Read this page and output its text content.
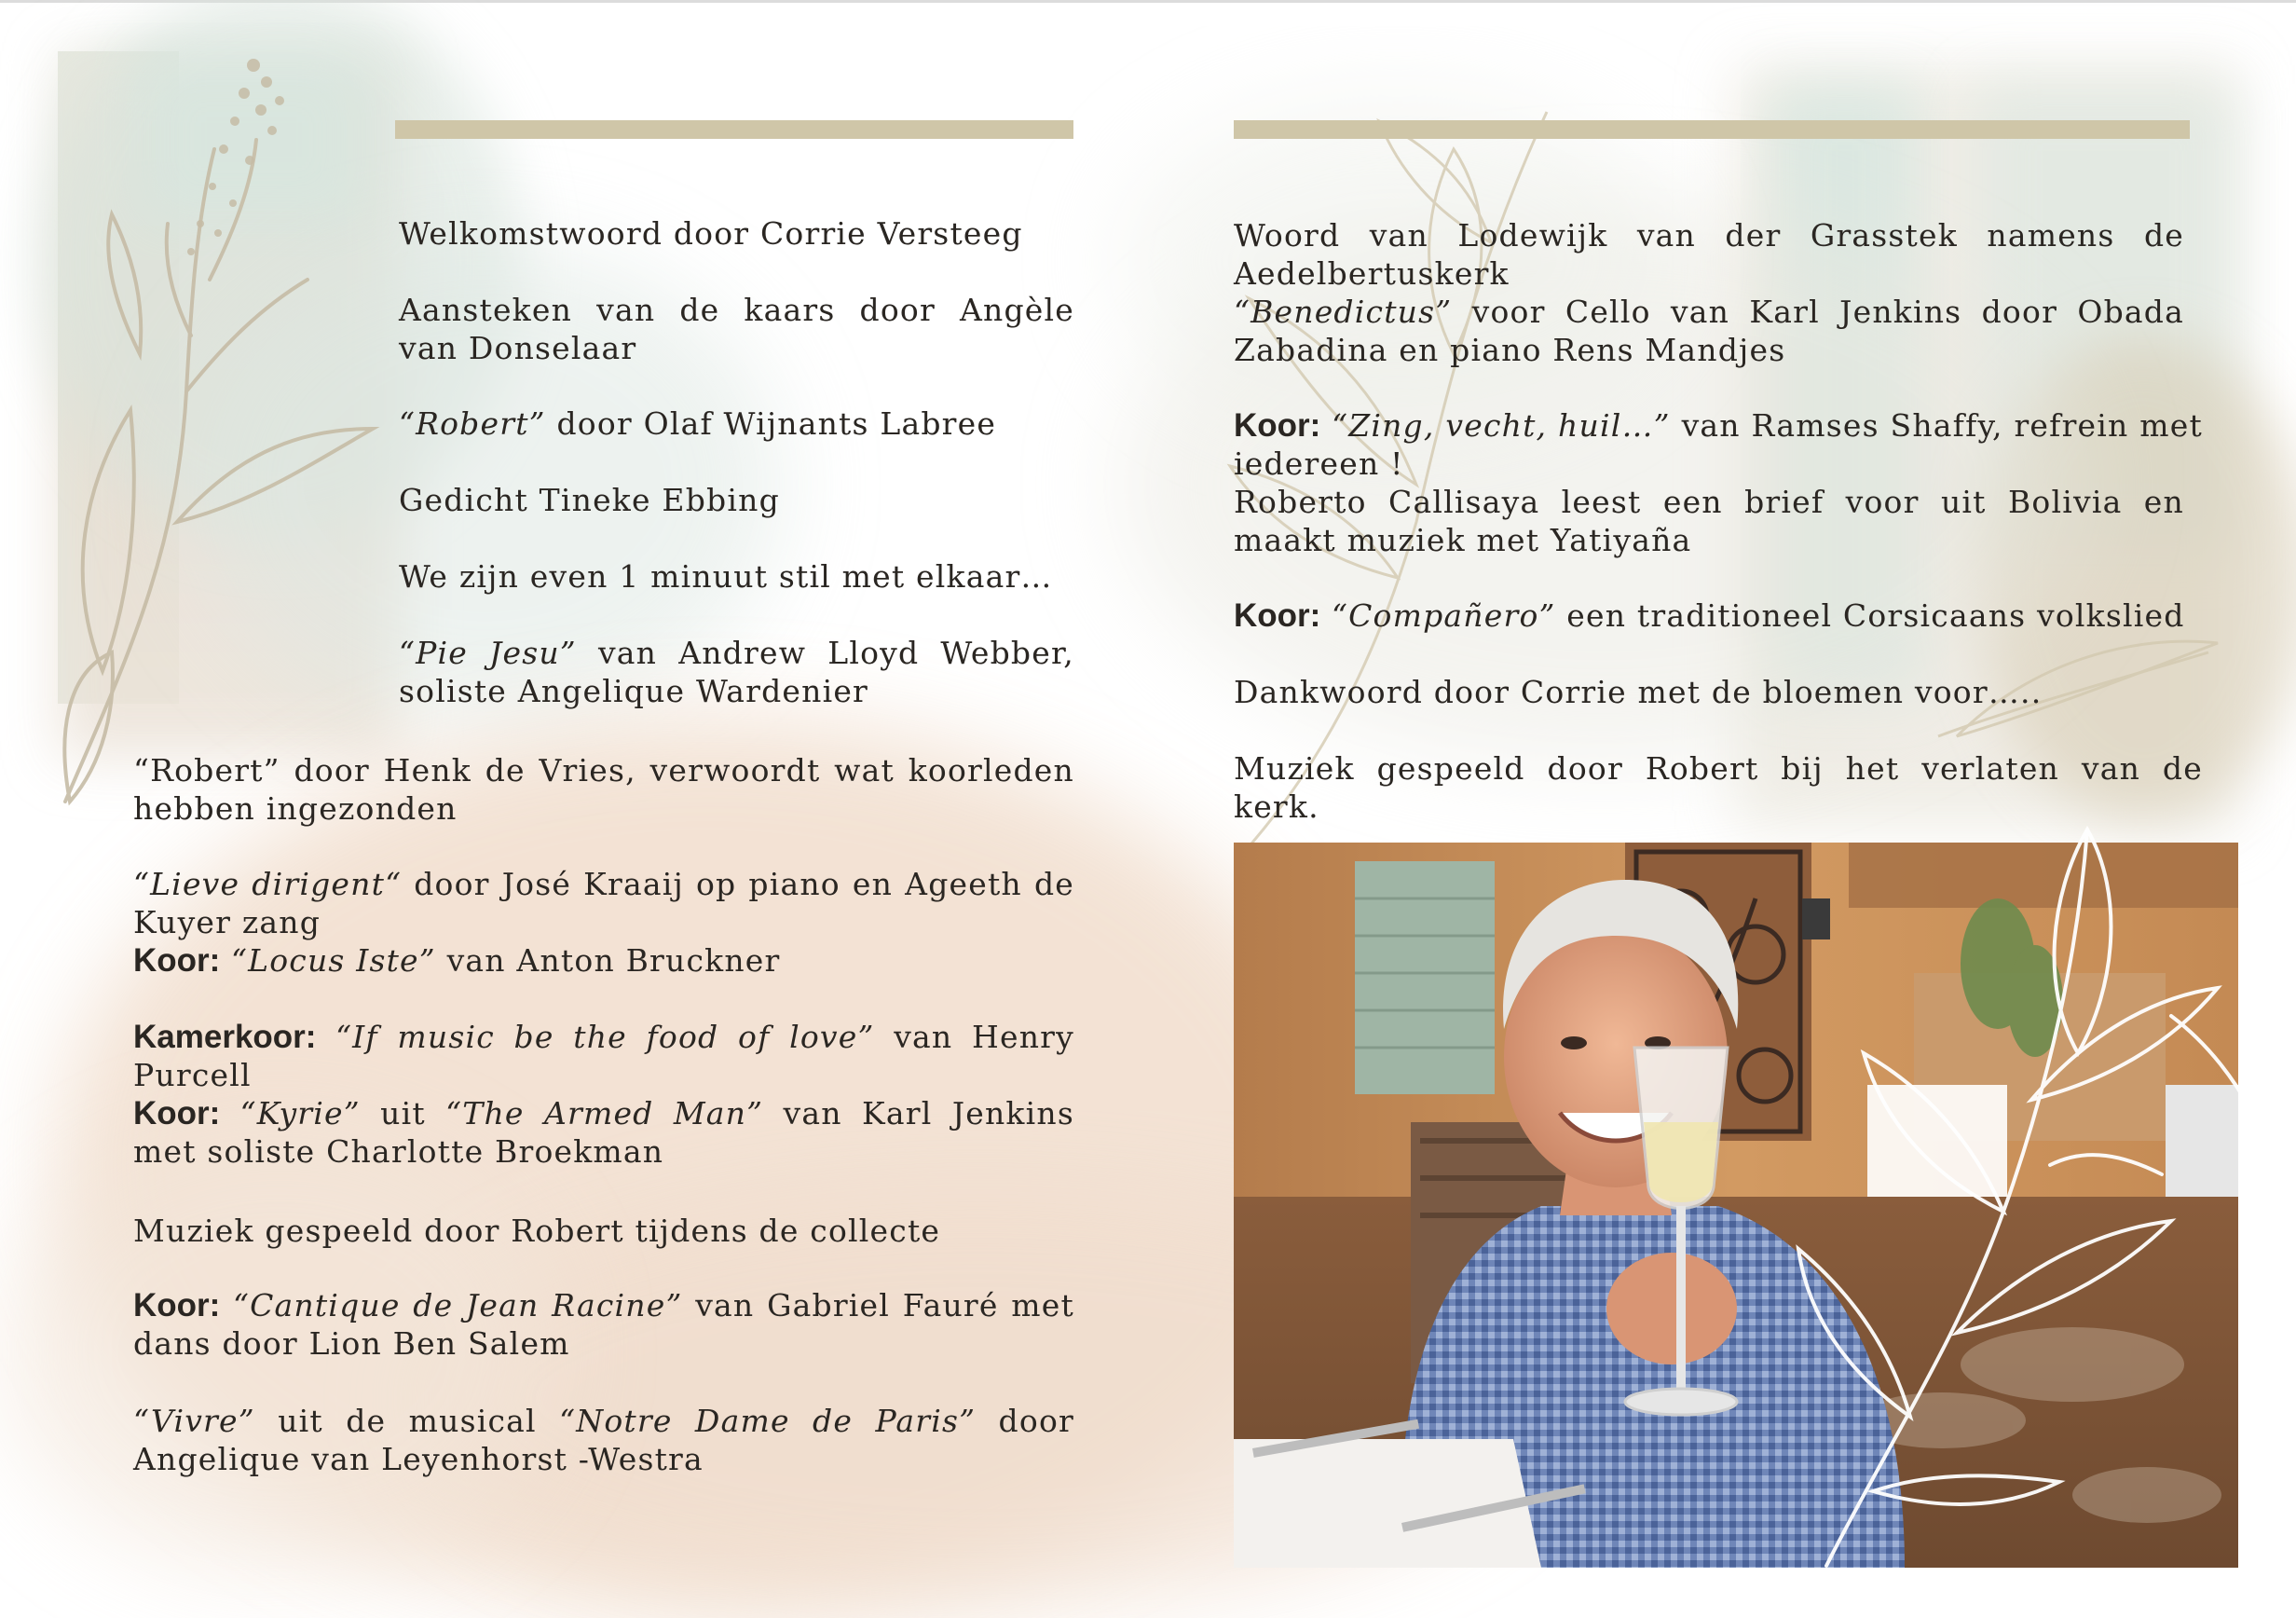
Welkomstwoord door Corrie Versteeg

Aansteken van de kaars door Angèle van Donselaar

“Robert” door Olaf Wijnants Labree

Gedicht Tineke Ebbing

We zijn even 1 minuut stil met elkaar…

“Pie Jesu” van Andrew Lloyd Webber, soliste Angelique Wardenier

“Robert” door Henk de Vries, verwoordt wat koorleden hebben ingezonden

“Lieve dirigent“ door José Kraaij op piano en Ageeth de Kuyer zang

Koor: “Locus Iste” van Anton Bruckner

Kamerkoor: “If music be the food of love” van Henry Purcell

Koor: “Kyrie” uit “The Armed Man” van Karl Jenkins met soliste Charlotte Broekman

Muziek gespeeld door Robert tijdens de collecte

Koor: “Cantique de Jean Racine” van Gabriel Fauré met dans door Lion Ben Salem

“Vivre” uit de musical “Notre Dame de Paris” door Angelique van Leyenhorst -Westra

Woord van Lodewijk van der Grasstek namens de Aedelbertuskerk

“Benedictus” voor Cello van Karl Jenkins door Obada Zabadina en piano Rens Mandjes

Koor: “Zing, vecht, huil…” van Ramses Shaffy, refrein met iedereen !

Roberto Callisaya leest een brief voor uit Bolivia en maakt muziek met Yatiyaña

Koor: “Compañero” een traditioneel Corsicaans volkslied

Dankwoord door Corrie met de bloemen voor…..

Muziek gespeeld door Robert bij het verlaten van de kerk.
